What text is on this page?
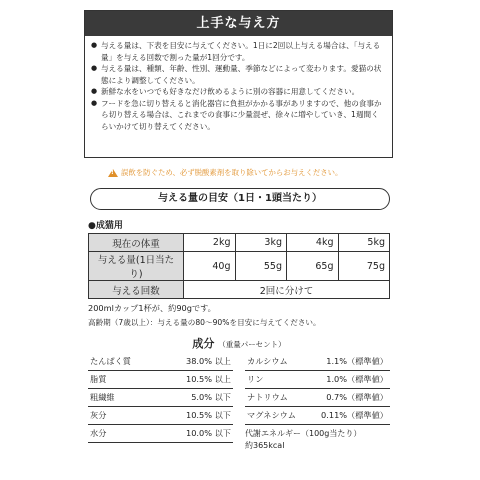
上手な与え方
● 与える量は、下表を目安に与えてください。1日に2回以上与える場合は、「与える量」を与える回数で割った量が1回分です。
● 与える量は、種類、年齢、性別、運動量、季節などによって変わります。愛猫の状態により調整してください。
● 新鮮な水をいつでも好きなだけ飲めるように別の容器に用意してください。
● フードを急に切り替えると消化器官に負担がかかる事があリますので、他の食事から切り替える場合は、これまでの食事に少量混ぜ、徐々に増やしていき、1週間くらいかけて切り替えてください。
! 誤飲を防ぐため、必ず脱酸素剤を取り除いてからお与えください。
与える量の目安（1日・1頭当たり）
●成猫用
現在の体重	2kg	3kg	4kg	5kg
与える量(1日当たり)	40g	55g	65g	75g
与える回数	2回に分けて			
200mlカップ1杯が、約90gです。
高齢期（7歳以上）：与える量の80〜90%を目安に与えてください。
成分 （重量パーセント）
たんぱく質	38.0% 以上
脂質	10.5% 以上
粗繊維	5.0% 以下
灰分	10.5% 以下
水分	10.0% 以下
カルシウム	1.1%（標準値）
リン	1.0%（標準値）
ナトリウム	0.7%（標準値）
マグネシウム	0.11%（標準値）
代謝エネルギー（100g当たり）
約365kcal
